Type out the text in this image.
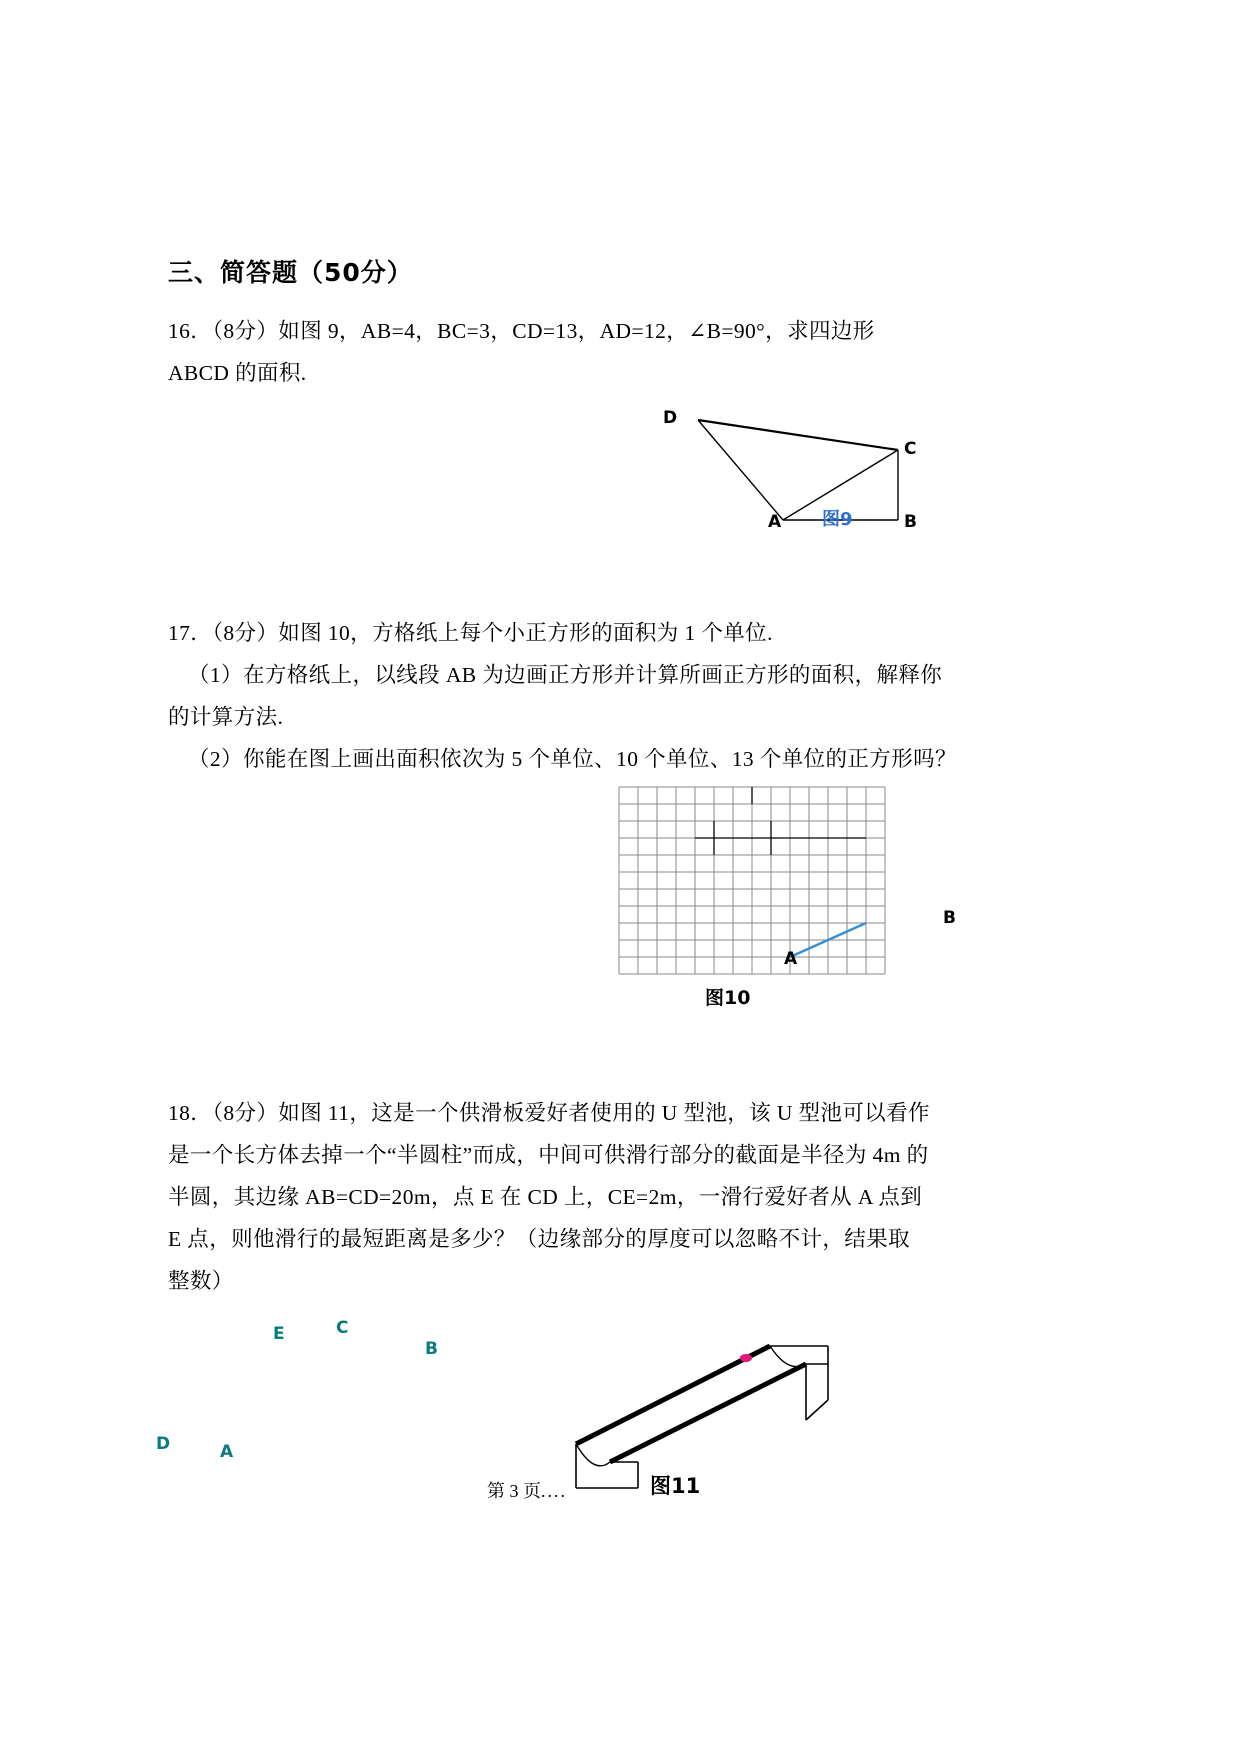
三、简答题（50分）
16．（8分）如图 9，AB=4，BC=3，CD=13，AD=12，∠B=90°，求四边形
ABCD 的面积.
D
C
A	B
17．（8分）如图 10，方格纸上每个小正方形的面积为 1 个单位.
（1）在方格纸上，以线段 AB 为边画正方形并计算所画正方形的面积，解释你
的计算方法.
（2）你能在图上画出面积依次为 5 个单位、10 个单位、13 个单位的正方形吗？
B
A
18．（8分）如图 11，这是一个供滑板爱好者使用的 U 型池，该 U 型池可以看作
是一个长方体去掉一个“半圆柱”而成，中间可供滑行部分的截面是半径为 4m 的
半圆，其边缘 AB=CD=20m，点 E 在 CD 上，CE=2m，一滑行爱好者从 A 点到
E 点，则他滑行的最短距离是多少？（边缘部分的厚度可以忽略不计，结果取
整数）
E	C
B
D	A
图9
图10
图11
第 3 页....
